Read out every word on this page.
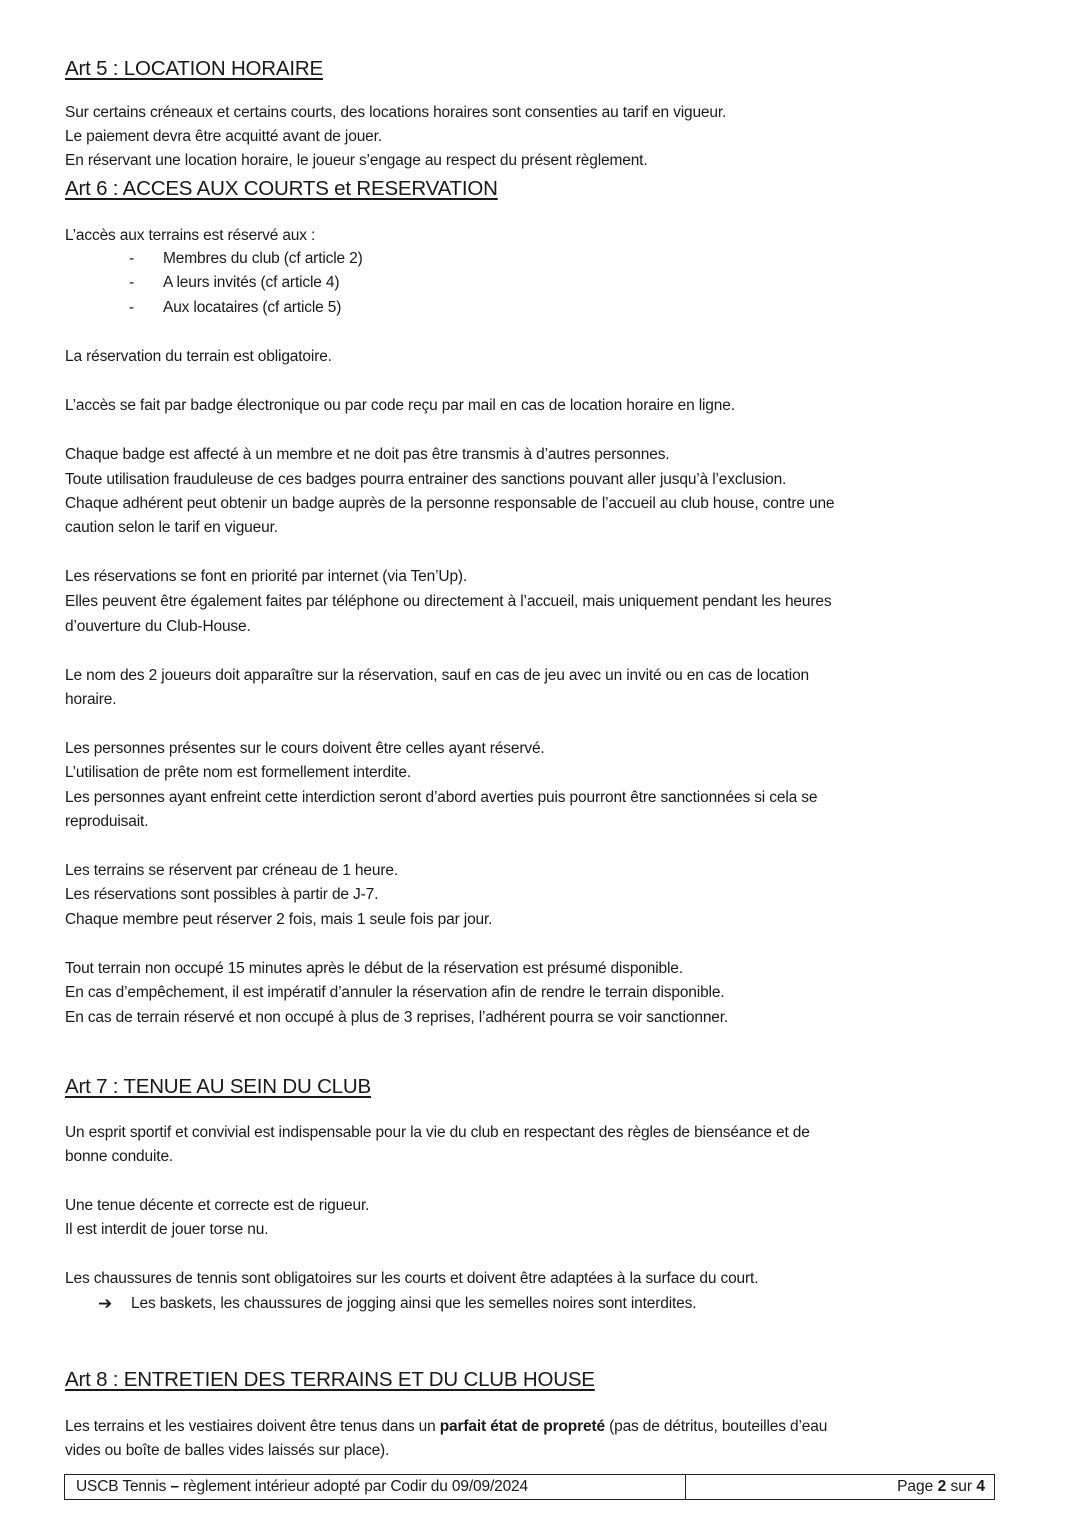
Art 5 : LOCATION HORAIRE
Sur certains créneaux et certains courts, des locations horaires sont consenties au tarif en vigueur.
Le paiement devra être acquitté avant de jouer.
En réservant une location horaire, le joueur s’engage au respect du présent règlement.
Art 6 : ACCES AUX COURTS et RESERVATION
L’accès aux terrains est réservé aux :
- Membres du club (cf article 2)
- A leurs invités (cf article 4)
- Aux locataires (cf article 5)
La réservation du terrain est obligatoire.
L’accès se fait par badge électronique ou par code reçu par mail en cas de location horaire en ligne.
Chaque badge est affecté à un membre et ne doit pas être transmis à d’autres personnes.
Toute utilisation frauduleuse de ces badges pourra entrainer des sanctions pouvant aller jusqu’à l’exclusion.
Chaque adhérent peut obtenir un badge auprès de la personne responsable de l’accueil au club house, contre une
caution selon le tarif en vigueur.
Les réservations se font en priorité par internet (via Ten’Up).
Elles peuvent être également faites par téléphone ou directement à l’accueil, mais uniquement pendant les heures
d’ouverture du Club-House.
Le nom des 2 joueurs doit apparaître sur la réservation, sauf en cas de jeu avec un invité ou en cas de location
horaire.
Les personnes présentes sur le cours doivent être celles ayant réservé.
L’utilisation de prête nom est formellement interdite.
Les personnes ayant enfreint cette interdiction seront d’abord averties puis pourront être sanctionnées si cela se
reproduisait.
Les terrains se réservent par créneau de 1 heure.
Les réservations sont possibles à partir de J-7.
Chaque membre peut réserver 2 fois, mais 1 seule fois par jour.
Tout terrain non occupé 15 minutes après le début de la réservation est présumé disponible.
En cas d’empêchement, il est impératif d’annuler la réservation afin de rendre le terrain disponible.
En cas de terrain réservé et non occupé à plus de 3 reprises, l’adhérent pourra se voir sanctionner.
Art 7 : TENUE AU SEIN DU CLUB
Un esprit sportif et convivial est indispensable pour la vie du club en respectant des règles de bienséance et de
bonne conduite.
Une tenue décente et correcte est de rigueur.
Il est interdit de jouer torse nu.
Les chaussures de tennis sont obligatoires sur les courts et doivent être adaptées à la surface du court.
➔ Les baskets, les chaussures de jogging ainsi que les semelles noires sont interdites.
Art 8 : ENTRETIEN DES TERRAINS ET DU CLUB HOUSE
Les terrains et les vestiaires doivent être tenus dans un parfait état de propreté (pas de détritus, bouteilles d’eau
vides ou boîte de balles vides laissés sur place).
USCB Tennis – règlement intérieur adopté par Codir du 09/09/2024	Page 2 sur 4
